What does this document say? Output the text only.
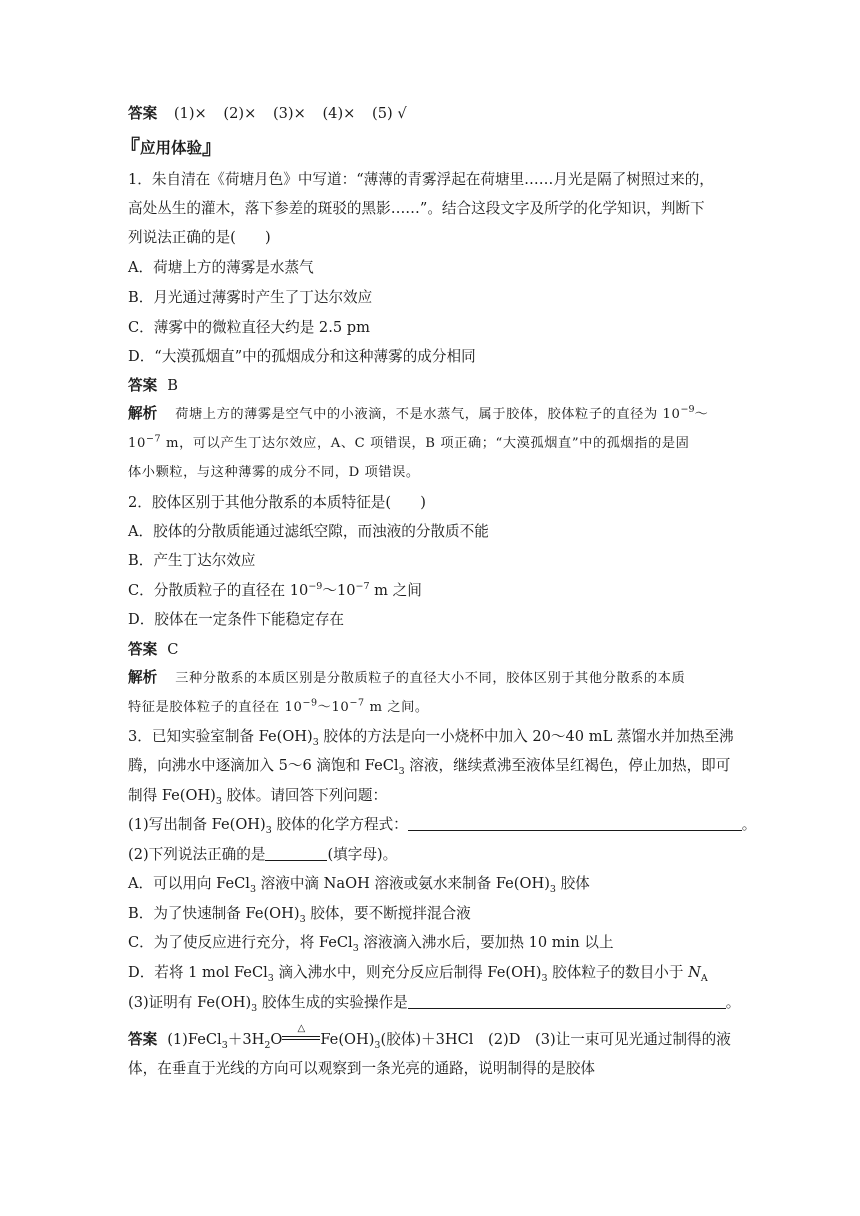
答案 (1)× (2)× (3)× (4)× (5) √
『应用体验』
1．朱自清在《荷塘月色》中写道：“薄薄的青雾浮起在荷塘里……月光是隔了树照过来的，
高处丛生的灌木，落下参差的斑驳的黑影……”。结合这段文字及所学的化学知识，判断下
列说法正确的是(　　)
A．荷塘上方的薄雾是水蒸气
B．月光通过薄雾时产生了丁达尔效应
C．薄雾中的微粒直径大约是 2.5 pm
D．“大漠孤烟直”中的孤烟成分和这种薄雾的成分相同
答案 B
解析 荷塘上方的薄雾是空气中的小液滴，不是水蒸气，属于胶体，胶体粒子的直径为 $10^{-9}\sim$
$10^{-7}$ m，可以产生丁达尔效应，A、C 项错误，B 项正确；“大漠孤烟直”中的孤烟指的是固
体小颗粒，与这种薄雾的成分不同，D 项错误。
2．胶体区别于其他分散系的本质特征是(　　)
A．胶体的分散质能通过滤纸空隙，而浊液的分散质不能
B．产生丁达尔效应
C．分散质粒子的直径在 $10^{-9}\sim 10^{-7}$ m 之间
D．胶体在一定条件下能稳定存在
答案 C
解析 三种分散系的本质区别是分散质粒子的直径大小不同，胶体区别于其他分散系的本质
特征是胶体粒子的直径在 $10^{-9}\sim 10^{-7}$ m 之间。
3．已知实验室制备 $Fe(OH)_3$ 胶体的方法是向一小烧杯中加入 20～40 mL 蒸馏水并加热至沸
腾，向沸水中逐滴加入 5～6 滴饱和 FeCl$_3$ 溶液，继续煮沸至液体呈红褐色，停止加热，即可
制得 $Fe(OH)_3$ 胶体。请回答下列问题：
(1)写出制备 $Fe(OH)_3$ 胶体的化学方程式：	。
(2)下列说法正确的是	(填字母)。
A．可以用向 FeCl$_3$ 溶液中滴 NaOH 溶液或氨水来制备 $Fe(OH)_3$ 胶体
B．为了快速制备 $Fe(OH)_3$ 胶体，要不断搅拌混合液
C．为了使反应进行充分，将 FeCl$_3$ 溶液滴入沸水后，要加热 10 min 以上
D．若将 1 mol FeCl$_3$ 滴入沸水中，则充分反应后制得 $Fe(OH)_3$ 胶体粒子的数目小于 $N_A$
(3)证明有 $Fe(OH)_3$ 胶体生成的实验操作是	。
答案 $(1)FeCl_3+3H_2O$
△
$Fe(OH)_3$(胶体)＋3HCl　(2)D　(3)让一束可见光通过制得的液
体，在垂直于光线的方向可以观察到一条光亮的通路，说明制得的是胶体
